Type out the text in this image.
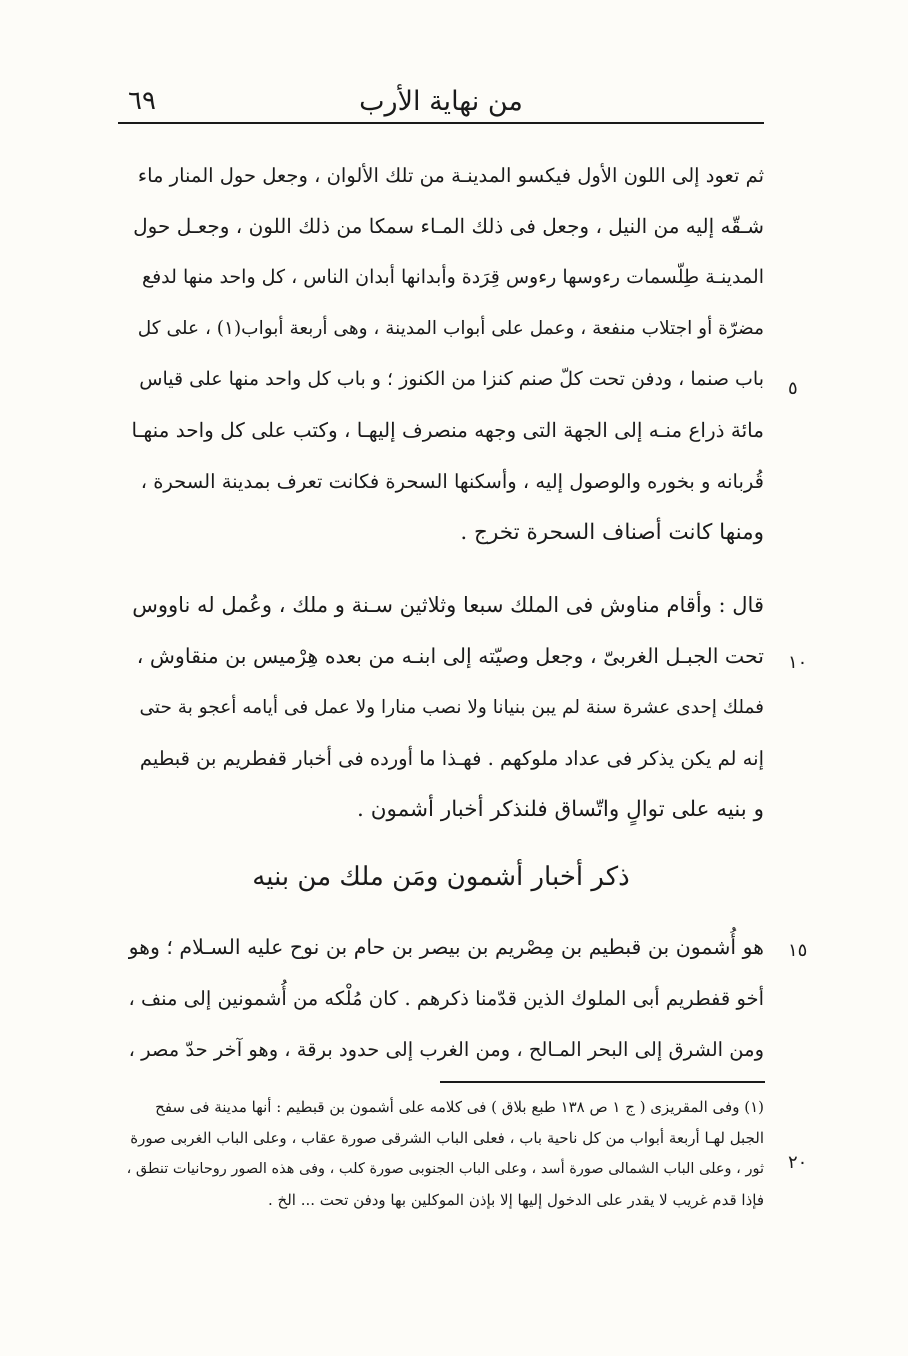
من نهاية الأرب
٦٩
ثم تعود إلى اللون الأول فيكسو المدينـة من تلك الألوان ، وجعل حول المنار ماء
شـقّه إليه من النيل ، وجعل فى ذلك المـاء سمكا من ذلك اللون ، وجعـل حول
المدينـة طِلّسمات رءوسها رءوس قِرَدة وأبدانها أبدان الناس ، كل واحد منها لدفع
مضرّة أو اجتلاب منفعة ، وعمل على أبواب المدينة ، وهى أربعة أبواب(١) ، على كل
باب صنما ، ودفن تحت كلّ صنم كنزا من الكنوز ؛ و باب كل واحد منها على قياس
مائة ذراع منـه إلى الجهة التى وجهه منصرف إليهـا ، وكتب على كل واحد منهـا
قُربانه و بخوره والوصول إليه ، وأسكنها السحرة فكانت تعرف بمدينة السحرة ،
ومنها كانت أصناف السحرة تخرج .
قال : وأقام مناوش فى الملك سبعا وثلاثين سـنة و ملك ، وعُمل له ناووس
تحت الجبـل الغربىّ ، وجعل وصيّته إلى ابنـه من بعده هِرْميس بن منقاوش ،
فملك إحدى عشرة سنة لم يبن بنيانا ولا نصب منارا ولا عمل فى أيامه أعجو بة حتى
إنه لم يكن يذكر فى عداد ملوكهم . فهـذا ما أورده فى أخبار قفطريم بن قبطيم
و بنيه على توالٍ واتّساق فلنذكر أخبار أشمون .
ذكر أخبار أشمون ومَن ملك من بنيه
هو أُشمون بن قبطيم بن مِصْريم بن بيصر بن حام بن نوح عليه السـلام ؛ وهو
أخو قفطريم أبى الملوك الذين قدّمنا ذكرهم . كان مُلْكه من أُشمونين إلى منف ،
ومن الشرق إلى البحر المـالح ، ومن الغرب إلى حدود برقة ، وهو آخر حدّ مصر ،
(١) وفى المقريزى ( ج ١ ص ١٣٨ طبع بلاق ) فى كلامه على أشمون بن قبطيم : أنها مدينة فى سفح
الجبل لهـا أربعة أبواب من كل ناحية باب ، فعلى الباب الشرقى صورة عقاب ، وعلى الباب الغربى صورة
ثور ، وعلى الباب الشمالى صورة أسد ، وعلى الباب الجنوبى صورة كلب ، وفى هذه الصور روحانيات تنطق ،
فإذا قدم غريب لا يقدر على الدخول إليها إلا بإذن الموكلين بها ودفن تحت ... الخ .
٥
١٠
١٥
٢٠
